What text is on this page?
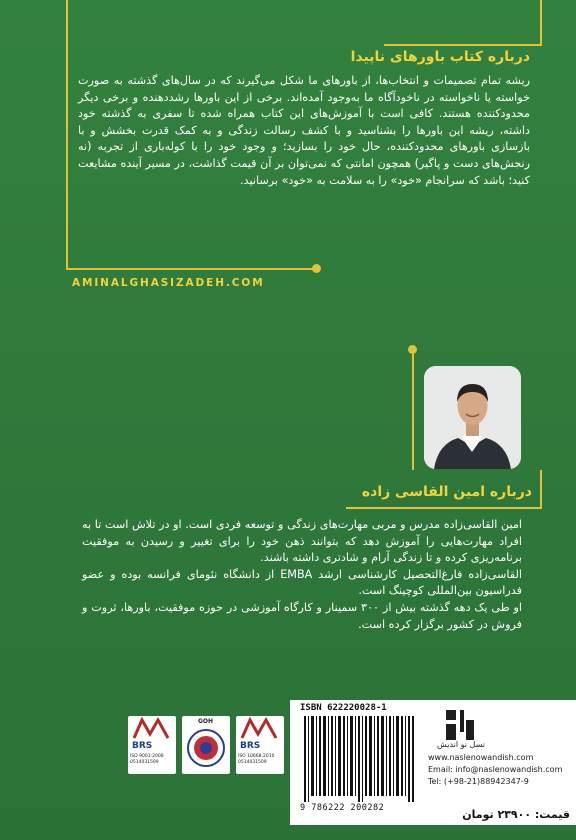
درباره کتاب باورهای ناپیدا

ریشه تمام تصمیمات و انتخاب‌ها، از باورهای ما شکل می‌گیرند که در سال‌های گذشته به صورت خواسته یا ناخواسته در ناخودآگاه ما به‌وجود آمده‌اند. برخی از این باورها رشددهنده و برخی دیگر محدودکننده هستند. کافی است با آموزش‌های این کتاب همراه شده تا سفری به گذشته خود داشته، ریشه این باورها را بشناسید و با کشف رسالت زندگی و به کمک قدرت بخشش و با بازسازی باورهای محدودکننده، حال خود را بسازید؛ و وجود خود را با کوله‌باری از تجربه (نه رنجش‌های دست و پاگیر) همچون امانتی که نمی‌توان بر آن قیمت گذاشت، در مسیر آینده مشایعت کنید؛ باشد که سرانجام «خود» را به سلامت به «خود» برسانید.

AMINALGHASIZADEH.COM
درباره امین القاسی زاده

امین القاسی‌زاده مدرس و مربی مهارت‌های زندگی و توسعه فردی است. او در تلاش است تا به افراد مهارت‌هایی را آموزش دهد که بتوانند ذهن خود را برای تغییر و رسیدن به موفقیت برنامه‌ریزی کرده و تا زندگی آرام و شادتری داشته باشند.

القاسی‌زاده فارغ‌التحصیل کارشناسی ارشد EMBA از دانشگاه نئومای فرانسه بوده و عضو فدراسیون بین‌المللی کوچینگ است.

او طی یک دهه گذشته بیش از ۳۰۰ سمینار و کارگاه آموزشی در حوزه موفقیت، باورها، ثروت و فروش در کشور برگزار کرده است.

BRS
ISO 9001:2008
0514031509
GOH
BRS
ISO 10668:2010
0514031509
ISBN 622220028-1
9 786222 200282
نسل نو اندیش
www.naslenowandish.com
Email: info@naslenowandish.com
Tel: (+98-21)88942347-9
قیمت: ۲۳۹۰۰ تومان
